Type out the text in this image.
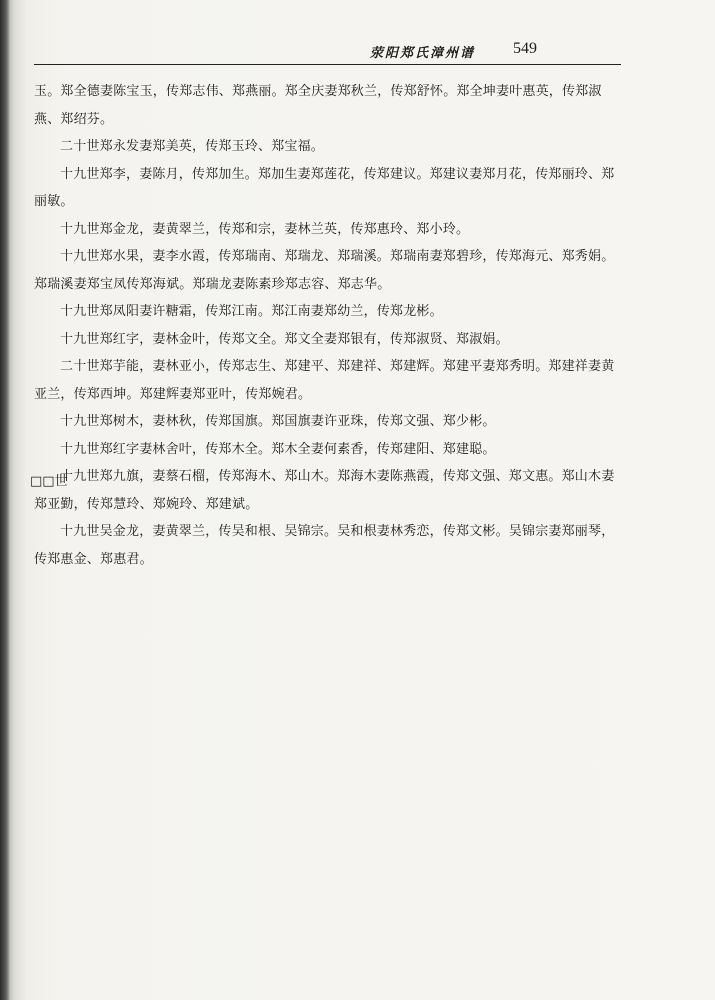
荥阳郑氏漳州谱 549

玉。郑全德妻陈宝玉，传郑志伟、郑燕丽。郑全庆妻郑秋兰，传郑舒怀。郑全坤妻叶惠英，传郑淑燕、郑绍芬。

二十世郑永发妻郑美英，传郑玉玲、郑宝福。

十九世郑李，妻陈月，传郑加生。郑加生妻郑莲花，传郑建议。郑建议妻郑月花，传郑丽玲、郑丽敏。

十九世郑金龙，妻黄翠兰，传郑和宗，妻林兰英，传郑惠玲、郑小玲。

十九世郑水果，妻李水霞，传郑瑞南、郑瑞龙、郑瑞溪。郑瑞南妻郑碧珍，传郑海元、郑秀娟。郑瑞溪妻郑宝凤传郑海斌。郑瑞龙妻陈素珍郑志容、郑志华。

十九世郑凤阳妻许糖霜，传郑江南。郑江南妻郑幼兰，传郑龙彬。

十九世郑红字，妻林金叶，传郑文全。郑文全妻郑银有，传郑淑贤、郑淑娟。

二十世郑芋能，妻林亚小，传郑志生、郑建平、郑建祥、郑建辉。郑建平妻郑秀明。郑建祥妻黄亚兰，传郑西坤。郑建辉妻郑亚叶，传郑婉君。

十九世郑树木，妻林秋，传郑国旗。郑国旗妻许亚珠，传郑文强、郑少彬。

十九世郑红字妻林舍叶，传郑木全。郑木全妻何素香，传郑建阳、郑建聪。

十九世郑九旗，妻蔡石榴，传郑海木、郑山木。郑海木妻陈燕霞，传郑文强、郑文惠。郑山木妻郑亚勤，传郑慧玲、郑婉玲、郑建斌。

十九世吴金龙，妻黄翠兰，传吴和根、吴锦宗。吴和根妻林秀恋，传郑文彬。吴锦宗妻郑丽琴，传郑惠金、郑惠君。

□□世
